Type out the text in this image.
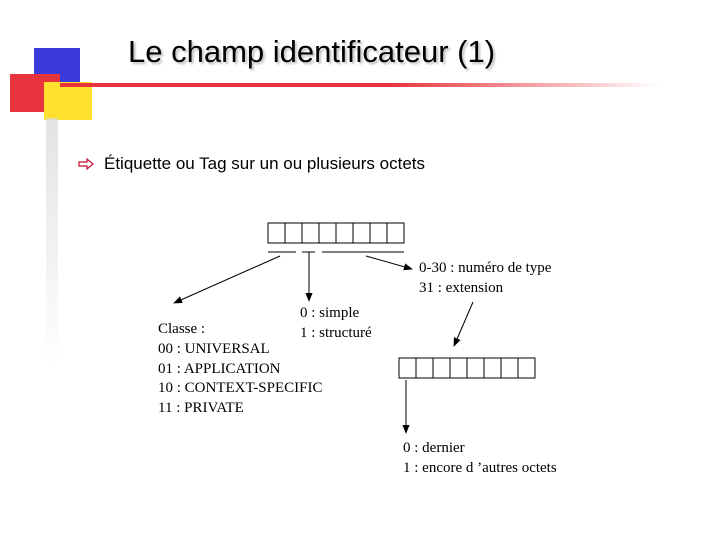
Le champ identificateur (1)
Étiquette ou Tag sur un ou plusieurs octets
0-30 : numéro de type
31 : extension
0 : simple
1 : structuré
Classe :
00 : UNIVERSAL
01 : APPLICATION
10 : CONTEXT-SPECIFIC
11 : PRIVATE
0 : dernier
1 : encore d ’autres octets
